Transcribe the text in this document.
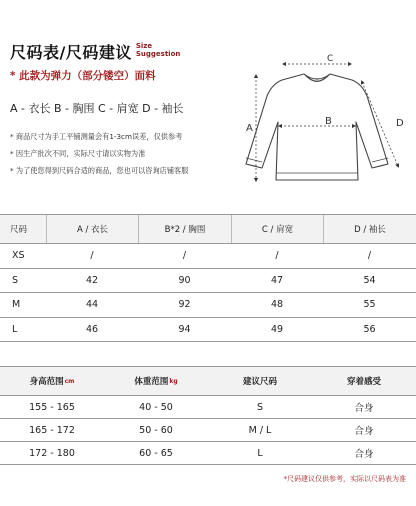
尺码表/尺码建议 Size
Suggestion
* 此款为弹力（部分镂空）面料
A - 衣长 B - 胸围 C - 肩宽 D - 袖长
* 商品尺寸为手工平铺测量会有1-3cm误差，仅供参考
* 因生产批次不同，实际尺寸请以实物为准
* 为了使您得到尺码合适的商品，您也可以咨询店铺客服
C
A
B	D
尺码	A / 衣长	B*2 / 胸围	C / 肩宽	D / 袖长
XS	/	/	/	/
S	42	90	47	54
M	44	92	48	55
L	46	94	49	56
身高范围 cm	体重范围 kg	建议尺码	穿着感受
155 - 165	40 - 50	S	合身
165 - 172	50 - 60	M / L	合身
172 - 180	60 - 65	L	合身
*尺码建议仅供参考，实际以尺码表为准
